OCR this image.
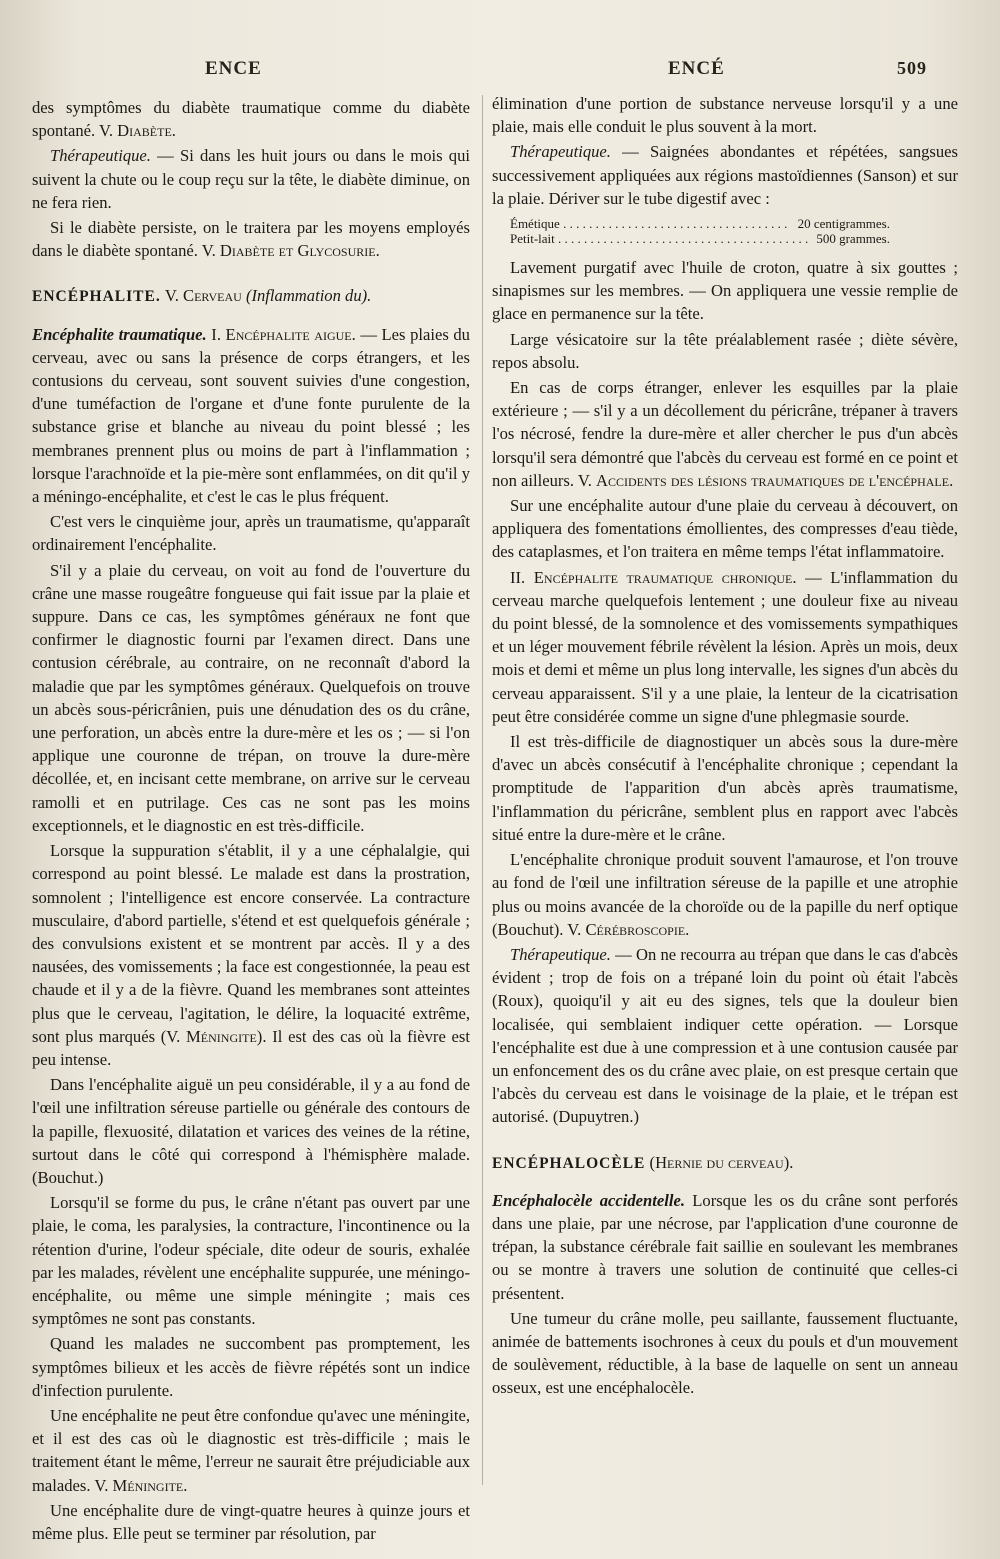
ENCE	ENCÉ	509

des symptômes du diabète traumatique comme du diabète spontané. V. Diabète.

Thérapeutique. — Si dans les huit jours ou dans le mois qui suivent la chute ou le coup reçu sur la tête, le diabète diminue, on ne fera rien.

Si le diabète persiste, on le traitera par les moyens employés dans le diabète spontané. V. Diabète et Glycosurie.

ENCÉPHALITE. V. Cerveau (Inflammation du).

Encéphalite traumatique. I. Encéphalite aigue. — Les plaies du cerveau, avec ou sans la présence de corps étrangers, et les contusions du cerveau, sont souvent suivies d'une congestion, d'une tuméfaction de l'organe et d'une fonte purulente de la substance grise et blanche au niveau du point blessé ; les membranes prennent plus ou moins de part à l'inflammation ; lorsque l'arachnoïde et la pie-mère sont enflammées, on dit qu'il y a méningo-encéphalite, et c'est le cas le plus fréquent.

C'est vers le cinquième jour, après un traumatisme, qu'apparaît ordinairement l'encéphalite.

S'il y a plaie du cerveau, on voit au fond de l'ouverture du crâne une masse rougeâtre fongueuse qui fait issue par la plaie et suppure. Dans ce cas, les symptômes généraux ne font que confirmer le diagnostic fourni par l'examen direct. Dans une contusion cérébrale, au contraire, on ne reconnaît d'abord la maladie que par les symptômes généraux. Quelquefois on trouve un abcès sous-péricrânien, puis une dénudation des os du crâne, une perforation, un abcès entre la dure-mère et les os ; — si l'on applique une couronne de trépan, on trouve la dure-mère décollée, et, en incisant cette membrane, on arrive sur le cerveau ramolli et en putrilage. Ces cas ne sont pas les moins exceptionnels, et le diagnostic en est très-difficile.

Lorsque la suppuration s'établit, il y a une céphalalgie, qui correspond au point blessé. Le malade est dans la prostration, somnolent ; l'intelligence est encore conservée. La contracture musculaire, d'abord partielle, s'étend et est quelquefois générale ; des convulsions existent et se montrent par accès. Il y a des nausées, des vomissements ; la face est congestionnée, la peau est chaude et il y a de la fièvre. Quand les membranes sont atteintes plus que le cerveau, l'agitation, le délire, la loquacité extrême, sont plus marqués (V. Méningite). Il est des cas où la fièvre est peu intense.

Dans l'encéphalite aiguë un peu considérable, il y a au fond de l'œil une infiltration séreuse partielle ou générale des contours de la papille, flexuosité, dilatation et varices des veines de la rétine, surtout dans le côté qui correspond à l'hémisphère malade. (Bouchut.)

Lorsqu'il se forme du pus, le crâne n'étant pas ouvert par une plaie, le coma, les paralysies, la contracture, l'incontinence ou la rétention d'urine, l'odeur spéciale, dite odeur de souris, exhalée par les malades, révèlent une encéphalite suppurée, une méningo-encéphalite, ou même une simple méningite ; mais ces symptômes ne sont pas constants.

Quand les malades ne succombent pas promptement, les symptômes bilieux et les accès de fièvre répétés sont un indice d'infection purulente.

Une encéphalite ne peut être confondue qu'avec une méningite, et il est des cas où le diagnostic est très-difficile ; mais le traitement étant le même, l'erreur ne saurait être préjudiciable aux malades. V. Méningite.

Une encéphalite dure de vingt-quatre heures à quinze jours et même plus. Elle peut se terminer par résolution, par

élimination d'une portion de substance nerveuse lorsqu'il y a une plaie, mais elle conduit le plus souvent à la mort.

Thérapeutique. — Saignées abondantes et répétées, sangsues successivement appliquées aux régions mastoïdiennes (Sanson) et sur la plaie. Dériver sur le tube digestif avec :

Émétique . . .	20 centigrammes.
Petit-lait . . .	500 grammes.

Lavement purgatif avec l'huile de croton, quatre à six gouttes ; sinapismes sur les membres. — On appliquera une vessie remplie de glace en permanence sur la tête.

Large vésicatoire sur la tête préalablement rasée ; diète sévère, repos absolu.

En cas de corps étranger, enlever les esquilles par la plaie extérieure ; — s'il y a un décollement du péricrâne, trépaner à travers l'os nécrosé, fendre la dure-mère et aller chercher le pus d'un abcès lorsqu'il sera démontré que l'abcès du cerveau est formé en ce point et non ailleurs. V. Accidents des lésions traumatiques de l'encéphale.

Sur une encéphalite autour d'une plaie du cerveau à découvert, on appliquera des fomentations émollientes, des compresses d'eau tiède, des cataplasmes, et l'on traitera en même temps l'état inflammatoire.

II. Encéphalite traumatique chronique. — L'inflammation du cerveau marche quelquefois lentement ; une douleur fixe au niveau du point blessé, de la somnolence et des vomissements sympathiques et un léger mouvement fébrile révèlent la lésion. Après un mois, deux mois et demi et même un plus long intervalle, les signes d'un abcès du cerveau apparaissent. S'il y a une plaie, la lenteur de la cicatrisation peut être considérée comme un signe d'une phlegmasie sourde.

Il est très-difficile de diagnostiquer un abcès sous la dure-mère d'avec un abcès consécutif à l'encéphalite chronique ; cependant la promptitude de l'apparition d'un abcès après traumatisme, l'inflammation du péricrâne, semblent plus en rapport avec l'abcès situé entre la dure-mère et le crâne.

L'encéphalite chronique produit souvent l'amaurose, et l'on trouve au fond de l'œil une infiltration séreuse de la papille et une atrophie plus ou moins avancée de la choroïde ou de la papille du nerf optique (Bouchut). V. Cérébroscopie.

Thérapeutique. — On ne recourra au trépan que dans le cas d'abcès évident ; trop de fois on a trépané loin du point où était l'abcès (Roux), quoiqu'il y ait eu des signes, tels que la douleur bien localisée, qui semblaient indiquer cette opération. — Lorsque l'encéphalite est due à une compression et à une contusion causée par un enfoncement des os du crâne avec plaie, on est presque certain que l'abcès du cerveau est dans le voisinage de la plaie, et le trépan est autorisé. (Dupuytren.)

ENCÉPHALOCÈLE (Hernie du cerveau).

Encéphalocèle accidentelle. Lorsque les os du crâne sont perforés dans une plaie, par une nécrose, par l'application d'une couronne de trépan, la substance cérébrale fait saillie en soulevant les membranes ou se montre à travers une solution de continuité que celles-ci présentent.

Une tumeur du crâne molle, peu saillante, faussement fluctuante, animée de battements isochrones à ceux du pouls et d'un mouvement de soulèvement, réductible, à la base de laquelle on sent un anneau osseux, est une encéphalocèle.
